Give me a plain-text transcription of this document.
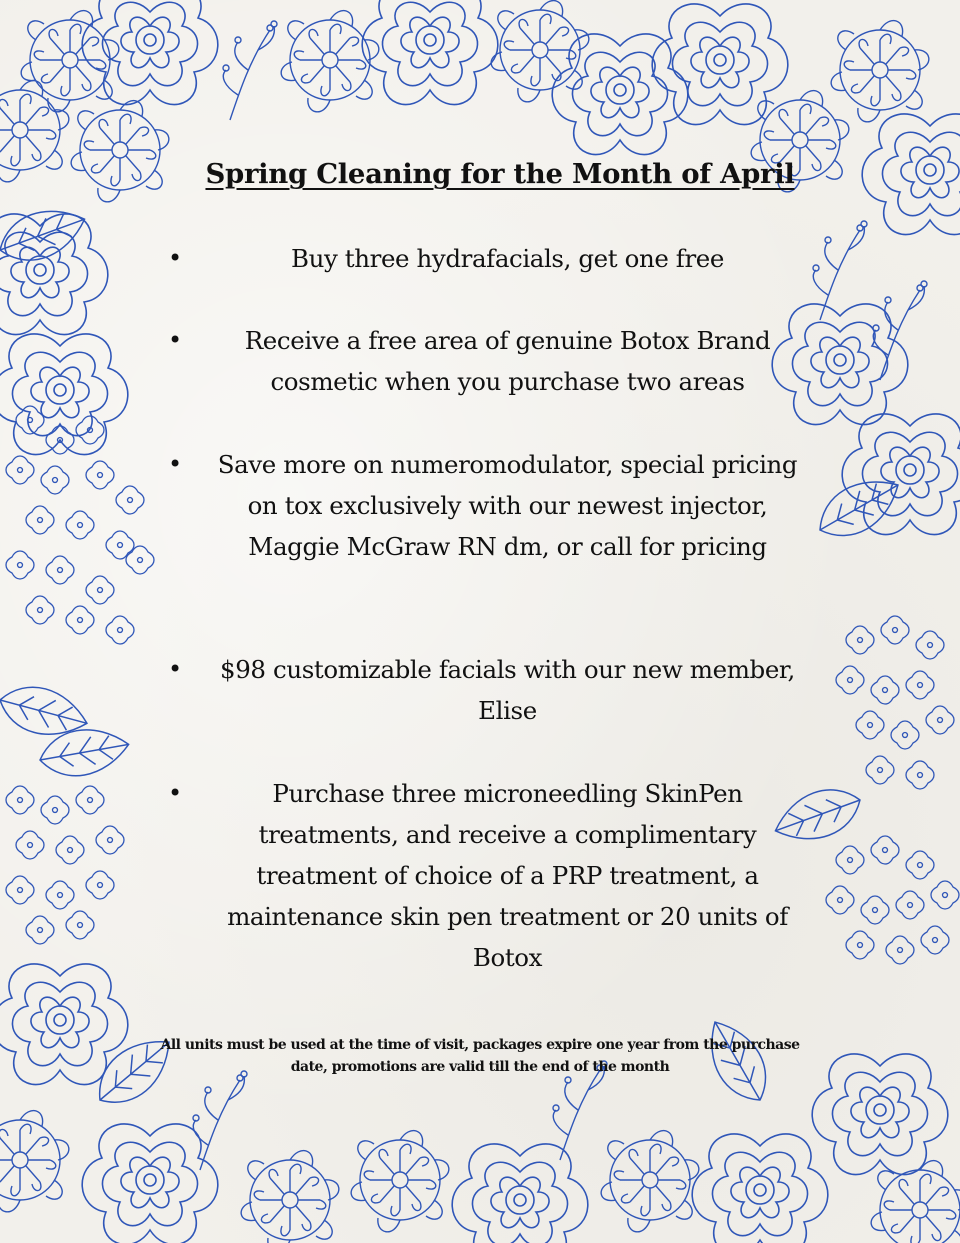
Spring Cleaning for the Month of April
•	Buy three hydrafacials, get one free
•	Receive a free area of genuine Botox Brand cosmetic when you purchase two areas
•	Save more on numeromodulator, special pricing on tox exclusively with our newest injector, Maggie McGraw RN dm, or call for pricing
•	$98 customizable facials with our new member, Elise
•	Purchase three microneedling SkinPen treatments, and receive a complimentary treatment of choice of a PRP treatment, a maintenance skin pen treatment or 20 units of Botox

All units must be used at the time of visit, packages expire one year from the purchase date, promotions are valid till the end of the month
